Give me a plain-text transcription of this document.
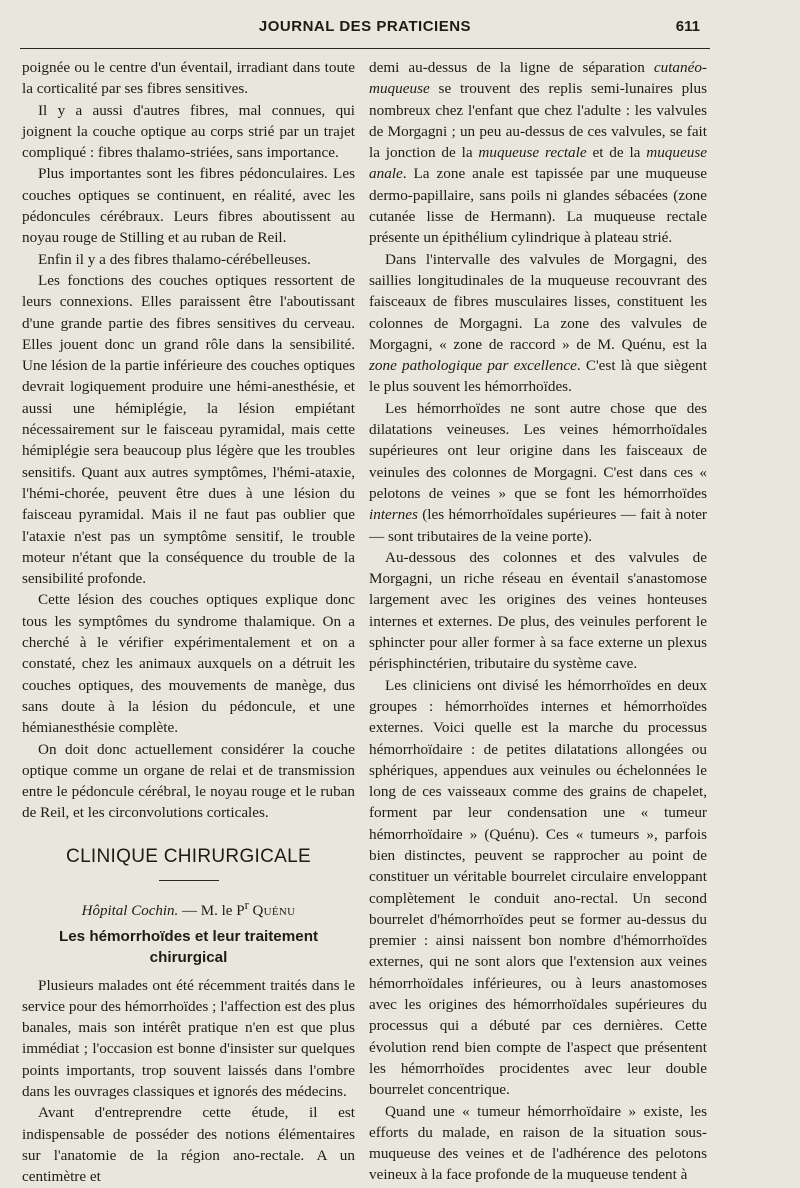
JOURNAL DES PRATICIENS	611

poignée ou le centre d'un éventail, irradiant dans toute la corticalité par ses fibres sensitives.

Il y a aussi d'autres fibres, mal connues, qui joignent la couche optique au corps strié par un trajet compliqué : fibres thalamo-striées, sans importance.

Plus importantes sont les fibres pédonculaires. Les couches optiques se continuent, en réalité, avec les pédoncules cérébraux. Leurs fibres aboutissent au noyau rouge de Stilling et au ruban de Reil.

Enfin il y a des fibres thalamo-cérébelleuses.

Les fonctions des couches optiques ressortent de leurs connexions. Elles paraissent être l'aboutissant d'une grande partie des fibres sensitives du cerveau. Elles jouent donc un grand rôle dans la sensibilité. Une lésion de la partie inférieure des couches optiques devrait logiquement produire une hémi-anesthésie, et aussi une hémiplégie, la lésion empiétant nécessairement sur le faisceau pyramidal, mais cette hémiplégie sera beaucoup plus légère que les troubles sensitifs. Quant aux autres symptômes, l'hémi-ataxie, l'hémi-chorée, peuvent être dues à une lésion du faisceau pyramidal. Mais il ne faut pas oublier que l'ataxie n'est pas un symptôme sensitif, le trouble moteur n'étant que la conséquence du trouble de la sensibilité profonde.

Cette lésion des couches optiques explique donc tous les symptômes du syndrome thalamique. On a cherché à le vérifier expérimentalement et on a constaté, chez les animaux auxquels on a détruit les couches optiques, des mouvements de manège, dus sans doute à la lésion du pédoncule, et une hémianesthésie complète.

On doit donc actuellement considérer la couche optique comme un organe de relai et de transmission entre le pédoncule cérébral, le noyau rouge et le ruban de Reil, et les circonvolutions corticales.

CLINIQUE CHIRURGICALE
Hôpital Cochin. — M. le $P^r$ Quénu
Les hémorrhoïdes et leur traitement chirurgical

Plusieurs malades ont été récemment traités dans le service pour des hémorrhoïdes ; l'affection est des plus banales, mais son intérêt pratique n'en est que plus immédiat ; l'occasion est bonne d'insister sur quelques points importants, trop souvent laissés dans l'ombre dans les ouvrages classiques et ignorés des médecins.

Avant d'entreprendre cette étude, il est indispensable de posséder des notions élémentaires sur l'anatomie de la région ano-rectale. A un centimètre et

demi au-dessus de la ligne de séparation cutanéo-muqueuse se trouvent des replis semi-lunaires plus nombreux chez l'enfant que chez l'adulte : les valvules de Morgagni ; un peu au-dessus de ces valvules, se fait la jonction de la muqueuse rectale et de la muqueuse anale. La zone anale est tapissée par une muqueuse dermo-papillaire, sans poils ni glandes sébacées (zone cutanée lisse de Hermann). La muqueuse rectale présente un épithélium cylindrique à plateau strié.

Dans l'intervalle des valvules de Morgagni, des saillies longitudinales de la muqueuse recouvrant des faisceaux de fibres musculaires lisses, constituent les colonnes de Morgagni. La zone des valvules de Morgagni, « zone de raccord » de M. Quénu, est la zone pathologique par excellence. C'est là que siègent le plus souvent les hémorrhoïdes.

Les hémorrhoïdes ne sont autre chose que des dilatations veineuses. Les veines hémorrhoïdales supérieures ont leur origine dans les faisceaux de veinules des colonnes de Morgagni. C'est dans ces « pelotons de veines » que se font les hémorrhoïdes internes (les hémorrhoïdales supérieures — fait à noter — sont tributaires de la veine porte).

Au-dessous des colonnes et des valvules de Morgagni, un riche réseau en éventail s'anastomose largement avec les origines des veines honteuses internes et externes. De plus, des veinules perforent le sphincter pour aller former à sa face externe un plexus périsphinctérien, tributaire du système cave.

Les cliniciens ont divisé les hémorrhoïdes en deux groupes : hémorrhoïdes internes et hémorrhoïdes externes. Voici quelle est la marche du processus hémorrhoïdaire : de petites dilatations allongées ou sphériques, appendues aux veinules ou échelonnées le long de ces vaisseaux comme des grains de chapelet, forment par leur condensation une « tumeur hémorrhoïdaire » (Quénu). Ces « tumeurs », parfois bien distinctes, peuvent se rapprocher au point de constituer un véritable bourrelet circulaire enveloppant complètement le conduit ano-rectal. Un second bourrelet d'hémorrhoïdes peut se former au-dessus du premier : ainsi naissent bon nombre d'hémorrhoïdes externes, qui ne sont alors que l'extension aux veines hémorrhoïdales inférieures, ou à leurs anastomoses avec les origines des hémorrhoïdales supérieures du processus qui a débuté par ces dernières. Cette évolution rend bien compte de l'aspect que présentent les hémorrhoïdes procidentes avec leur double bourrelet concentrique.

Quand une « tumeur hémorrhoïdaire » existe, les efforts du malade, en raison de la situation sous-muqueuse des veines et de l'adhérence des pelotons veineux à la face profonde de la muqueuse tendent à
